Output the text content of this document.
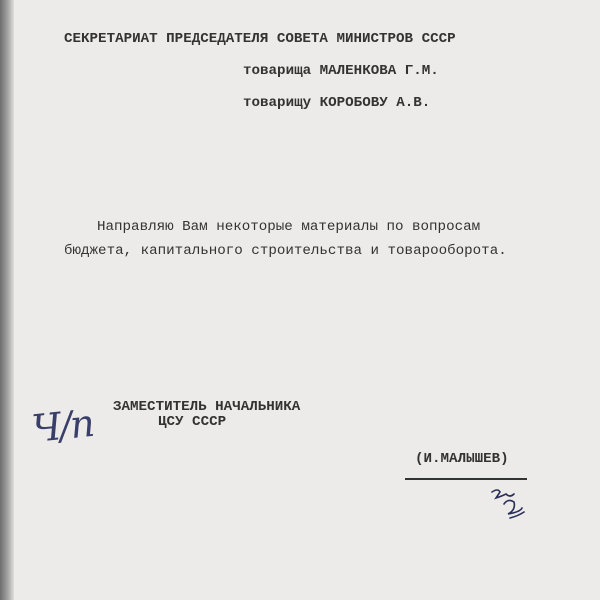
СЕКРЕТАРИАТ ПРЕДСЕДАТЕЛЯ СОВЕТА МИНИСТРОВ СССР
товарища МАЛЕНКОВА Г.М.
товарищу КОРОБОВУ А.В.
Направляю Вам некоторые материалы по вопросам
бюджета, капитального строительства и товарооборота.
ЗАМЕСТИТЕЛЬ НАЧАЛЬНИКА
ЦСУ СССР
(И.МАЛЫШЕВ)
Ч/п
